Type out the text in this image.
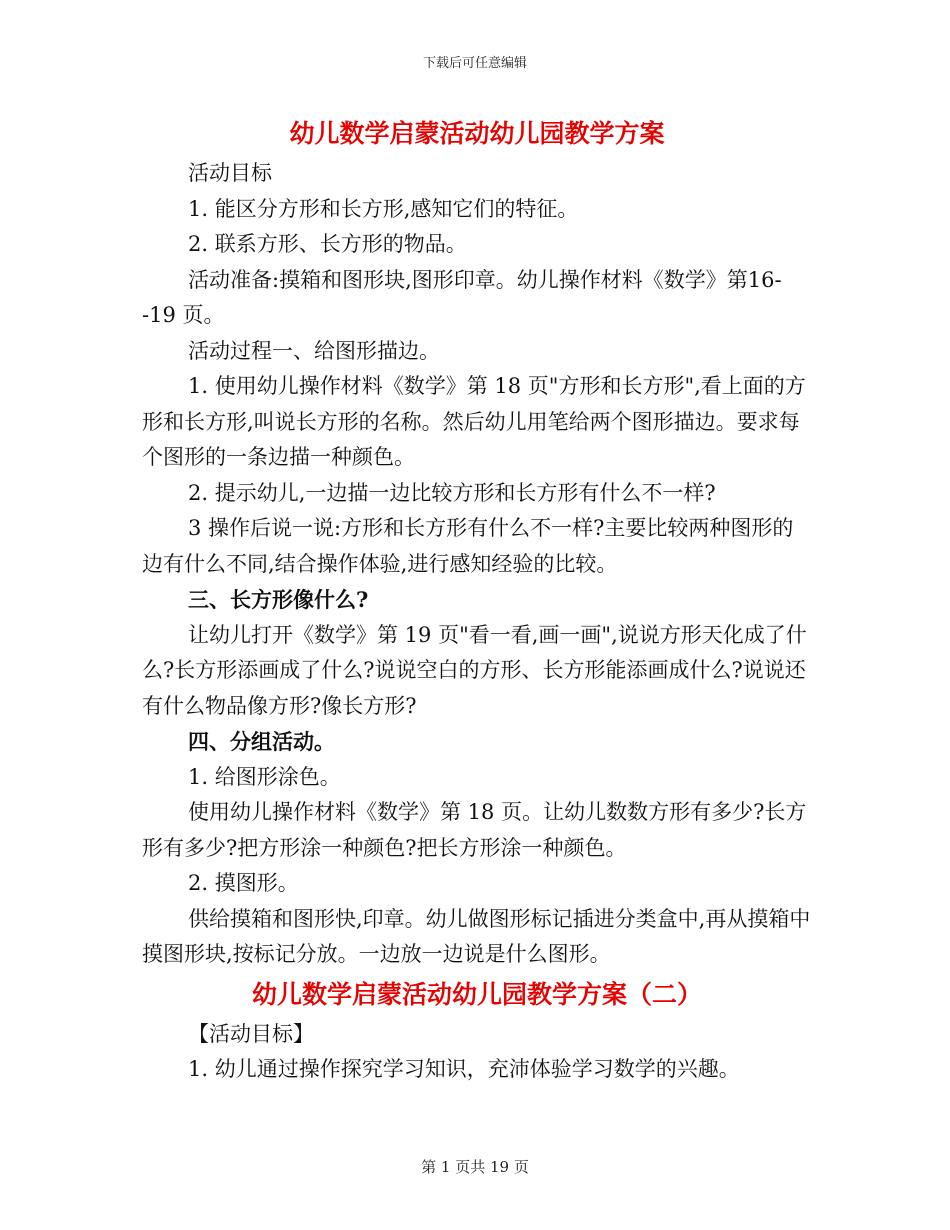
下载后可任意编辑
幼儿数学启蒙活动幼儿园教学方案

活动目标

1. 能区分方形和长方形,感知它们的特征。

2. 联系方形、长方形的物品。

活动准备:摸箱和图形块,图形印章。幼儿操作材料《数学》第16--19 页。

活动过程一、给图形描边。

1. 使用幼儿操作材料《数学》第 18 页"方形和长方形",看上面的方形和长方形,叫说长方形的名称。然后幼儿用笔给两个图形描边。要求每个图形的一条边描一种颜色。

2. 提示幼儿,一边描一边比较方形和长方形有什么不一样?

3 操作后说一说:方形和长方形有什么不一样?主要比较两种图形的边有什么不同,结合操作体验,进行感知经验的比较。

三、长方形像什么?

让幼儿打开《数学》第 19 页"看一看,画一画",说说方形天化成了什么?长方形添画成了什么?说说空白的方形、长方形能添画成什么?说说还有什么物品像方形?像长方形?

四、分组活动。

1. 给图形涂色。

使用幼儿操作材料《数学》第 18 页。让幼儿数数方形有多少?长方形有多少?把方形涂一种颜色?把长方形涂一种颜色。

2. 摸图形。

供给摸箱和图形快,印章。幼儿做图形标记插进分类盒中,再从摸箱中摸图形块,按标记分放。一边放一边说是什么图形。

幼儿数学启蒙活动幼儿园教学方案（二）

【活动目标】

1. 幼儿通过操作探究学习知识，充沛体验学习数学的兴趣。

第 1 页共 19 页
